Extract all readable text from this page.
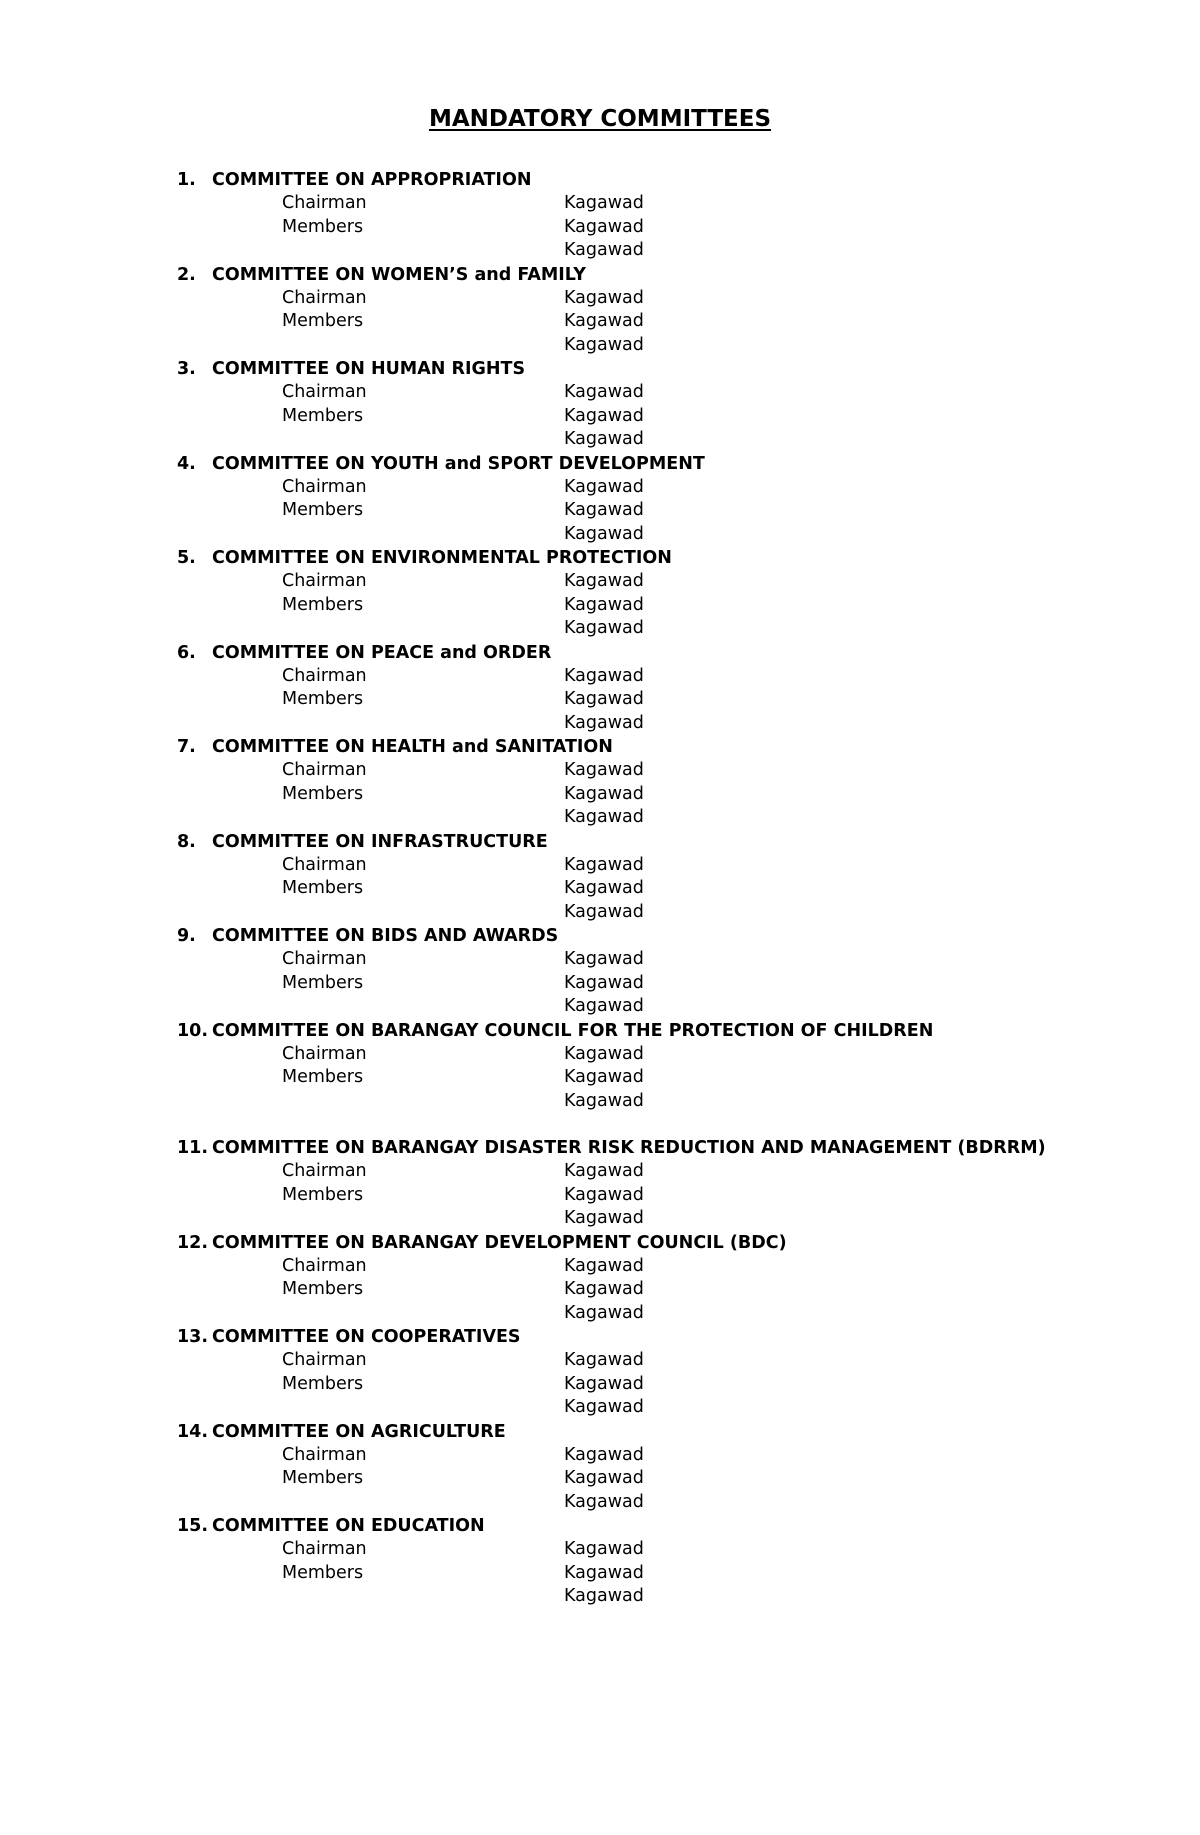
MANDATORY COMMITTEES
1. COMMITTEE ON APPROPRIATION
Chairman	Kagawad
Members	Kagawad
Kagawad
2. COMMITTEE ON WOMEN’S and FAMILY
Chairman	Kagawad
Members	Kagawad
Kagawad
3. COMMITTEE ON HUMAN RIGHTS
Chairman	Kagawad
Members	Kagawad
Kagawad
4. COMMITTEE ON YOUTH and SPORT DEVELOPMENT
Chairman	Kagawad
Members	Kagawad
Kagawad
5. COMMITTEE ON ENVIRONMENTAL PROTECTION
Chairman	Kagawad
Members	Kagawad
Kagawad
6. COMMITTEE ON PEACE and ORDER
Chairman	Kagawad
Members	Kagawad
Kagawad
7. COMMITTEE ON HEALTH and SANITATION
Chairman	Kagawad
Members	Kagawad
Kagawad
8. COMMITTEE ON INFRASTRUCTURE
Chairman	Kagawad
Members	Kagawad
Kagawad
9. COMMITTEE ON BIDS AND AWARDS
Chairman	Kagawad
Members	Kagawad
Kagawad
10. COMMITTEE ON BARANGAY COUNCIL FOR THE PROTECTION OF CHILDREN
Chairman	Kagawad
Members	Kagawad
Kagawad
11. COMMITTEE ON BARANGAY DISASTER RISK REDUCTION AND MANAGEMENT (BDRRM)
Chairman	Kagawad
Members	Kagawad
Kagawad
12. COMMITTEE ON BARANGAY DEVELOPMENT COUNCIL (BDC)
Chairman	Kagawad
Members	Kagawad
Kagawad
13. COMMITTEE ON COOPERATIVES
Chairman	Kagawad
Members	Kagawad
Kagawad
14. COMMITTEE ON AGRICULTURE
Chairman	Kagawad
Members	Kagawad
Kagawad
15. COMMITTEE ON EDUCATION
Chairman	Kagawad
Members	Kagawad
Kagawad
